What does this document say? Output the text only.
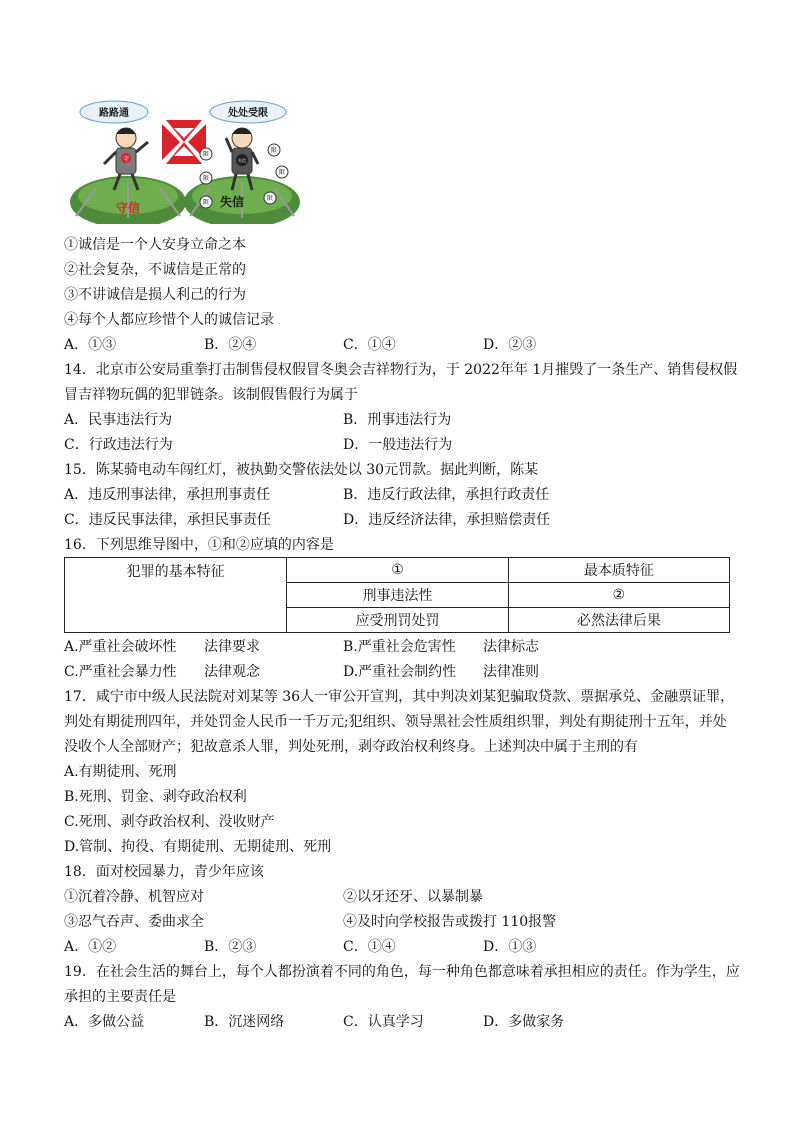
路路通	处处受限
守	失信
限
限
限
限
限
限
守信	失信
①诚信是一个人安身立命之本
②社会复杂，不诚信是正常的
③不讲诚信是损人利己的行为
④每个人都应珍惜个人的诚信记录
A．①③	B．②④	C．①④	D．②③
14．北京市公安局重拳打击制售侵权假冒冬奥会吉祥物行为，于 2022年年 1月摧毁了一条生产、销售侵权假
冒吉祥物玩偶的犯罪链条。该制假售假行为属于
A．民事违法行为	B．刑事违法行为
C．行政违法行为	D．一般违法行为
15．陈某骑电动车闯红灯，被执勤交警依法处以 30元罚款。据此判断，陈某
A．违反刑事法律，承担刑事责任	B．违反行政法律，承担行政责任
C．违反民事法律，承担民事责任	D．违反经济法律，承担赔偿责任
16．下列思维导图中，①和②应填的内容是
犯罪的基本特征	①	最本质特征
	刑事违法性	②
	应受刑罚处罚	必然法律后果
A.严重社会破坏性 法律要求	B.严重社会危害性 法律标志
C.严重社会暴力性 法律观念	D.严重社会制约性 法律准则
17．咸宁市中级人民法院对刘某等 36人一审公开宣判，其中判决刘某犯骗取贷款、票据承兑、金融票证罪，
判处有期徒刑四年，并处罚金人民币一千万元;犯组织、领导黑社会性质组织罪，判处有期徒刑十五年，并处
没收个人全部财产；犯故意杀人罪，判处死刑，剥夺政治权利终身。上述判决中属于主刑的有
A.有期徒刑、死刑
B.死刑、罚金、剥夺政治权利
C.死刑、剥夺政治权利、没收财产
D.管制、拘役、有期徒刑、无期徒刑、死刑
18．面对校园暴力，青少年应该
①沉着冷静、机智应对	②以牙还牙、以暴制暴
③忍气吞声、委曲求全	④及时向学校报告或拨打 110报警
A．①②	B．②③	C．①④	D．①③
19．在社会生活的舞台上，每个人都扮演着不同的角色，每一种角色都意味着承担相应的责任。作为学生，应
承担的主要责任是
A．多做公益	B．沉迷网络	C．认真学习	D．多做家务
